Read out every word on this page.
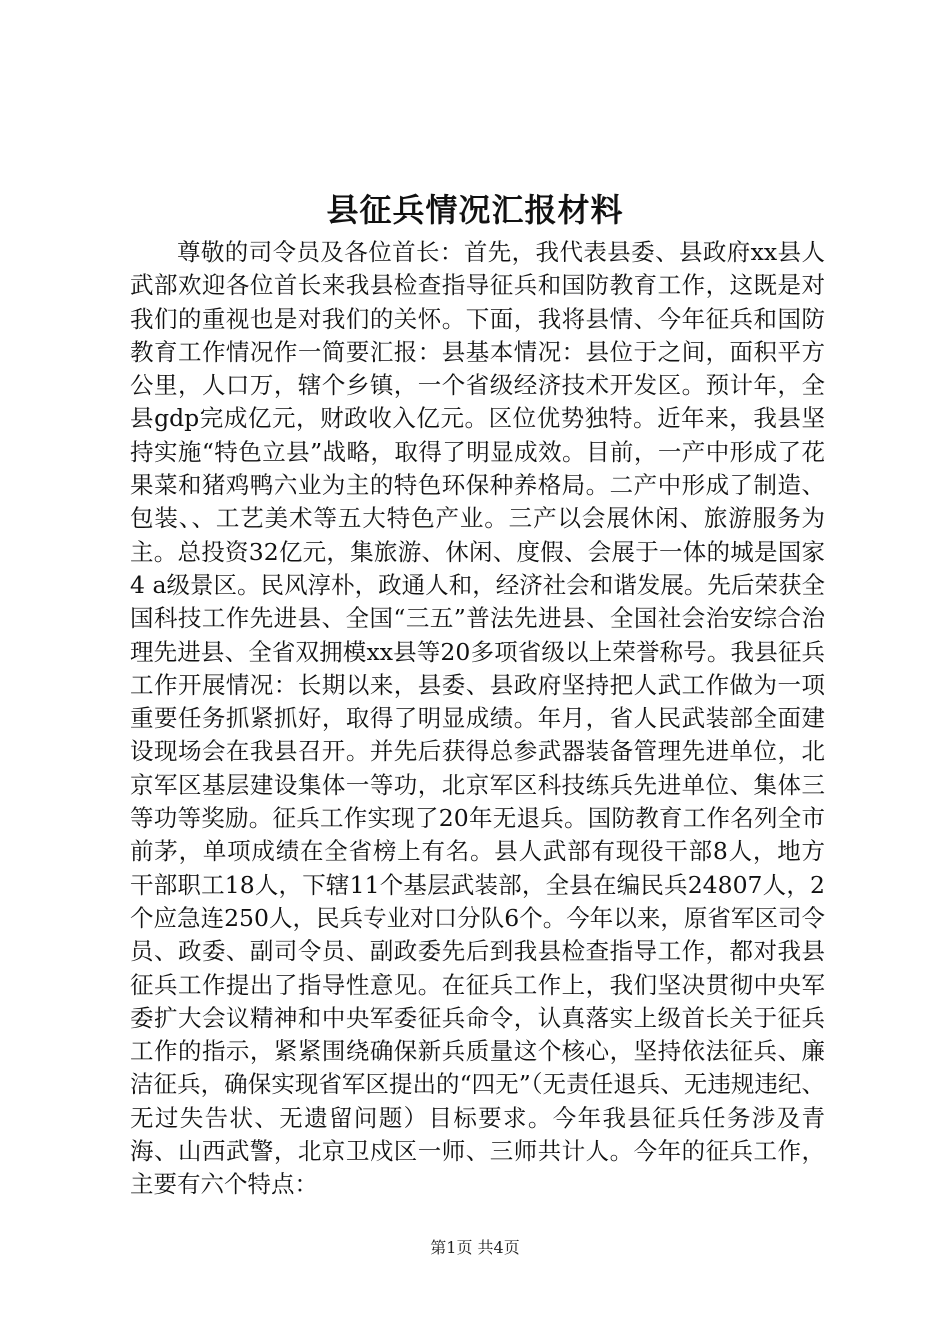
县征兵情况汇报材料

尊敬的司令员及各位首长：首先，我代表县委、县政府xx县人武部欢迎各位首长来我县检查指导征兵和国防教育工作，这既是对我们的重视也是对我们的关怀。下面，我将县情、今年征兵和国防教育工作情况作一简要汇报：县基本情况：县位于之间，面积平方公里，人口万，辖个乡镇，一个省级经济技术开发区。预计年，全县gdp完成亿元，财政收入亿元。区位优势独特。近年来，我县坚持实施“特色立县”战略，取得了明显成效。目前，一产中形成了花果菜和猪鸡鸭六业为主的特色环保种养格局。二产中形成了制造、包装、、工艺美术等五大特色产业。三产以会展休闲、旅游服务为主。总投资32亿元，集旅游、休闲、度假、会展于一体的城是国家4 a级景区。民风淳朴，政通人和，经济社会和谐发展。先后荣获全国科技工作先进县、全国“三五”普法先进县、全国社会治安综合治理先进县、全省双拥模xx县等20多项省级以上荣誉称号。我县征兵工作开展情况：长期以来，县委、县政府坚持把人武工作做为一项重要任务抓紧抓好，取得了明显成绩。年月，省人民武装部全面建设现场会在我县召开。并先后获得总参武器装备管理先进单位，北京军区基层建设集体一等功，北京军区科技练兵先进单位、集体三等功等奖励。征兵工作实现了20年无退兵。国防教育工作名列全市前茅，单项成绩在全省榜上有名。县人武部有现役干部8人，地方干部职工18人，下辖11个基层武装部，全县在编民兵24807人，2个应急连250人，民兵专业对口分队6个。今年以来，原省军区司令员、政委、副司令员、副政委先后到我县检查指导工作，都对我县征兵工作提出了指导性意见。在征兵工作上，我们坚决贯彻中央军委扩大会议精神和中央军委征兵命令，认真落实上级首长关于征兵工作的指示，紧紧围绕确保新兵质量这个核心，坚持依法征兵、廉洁征兵，确保实现省军区提出的“四无”（无责任退兵、无违规违纪、无过失告状、无遗留问题）目标要求。今年我县征兵任务涉及青海、山西武警，北京卫戍区一师、三师共计人。今年的征兵工作，主要有六个特点：

第1页 共4页
